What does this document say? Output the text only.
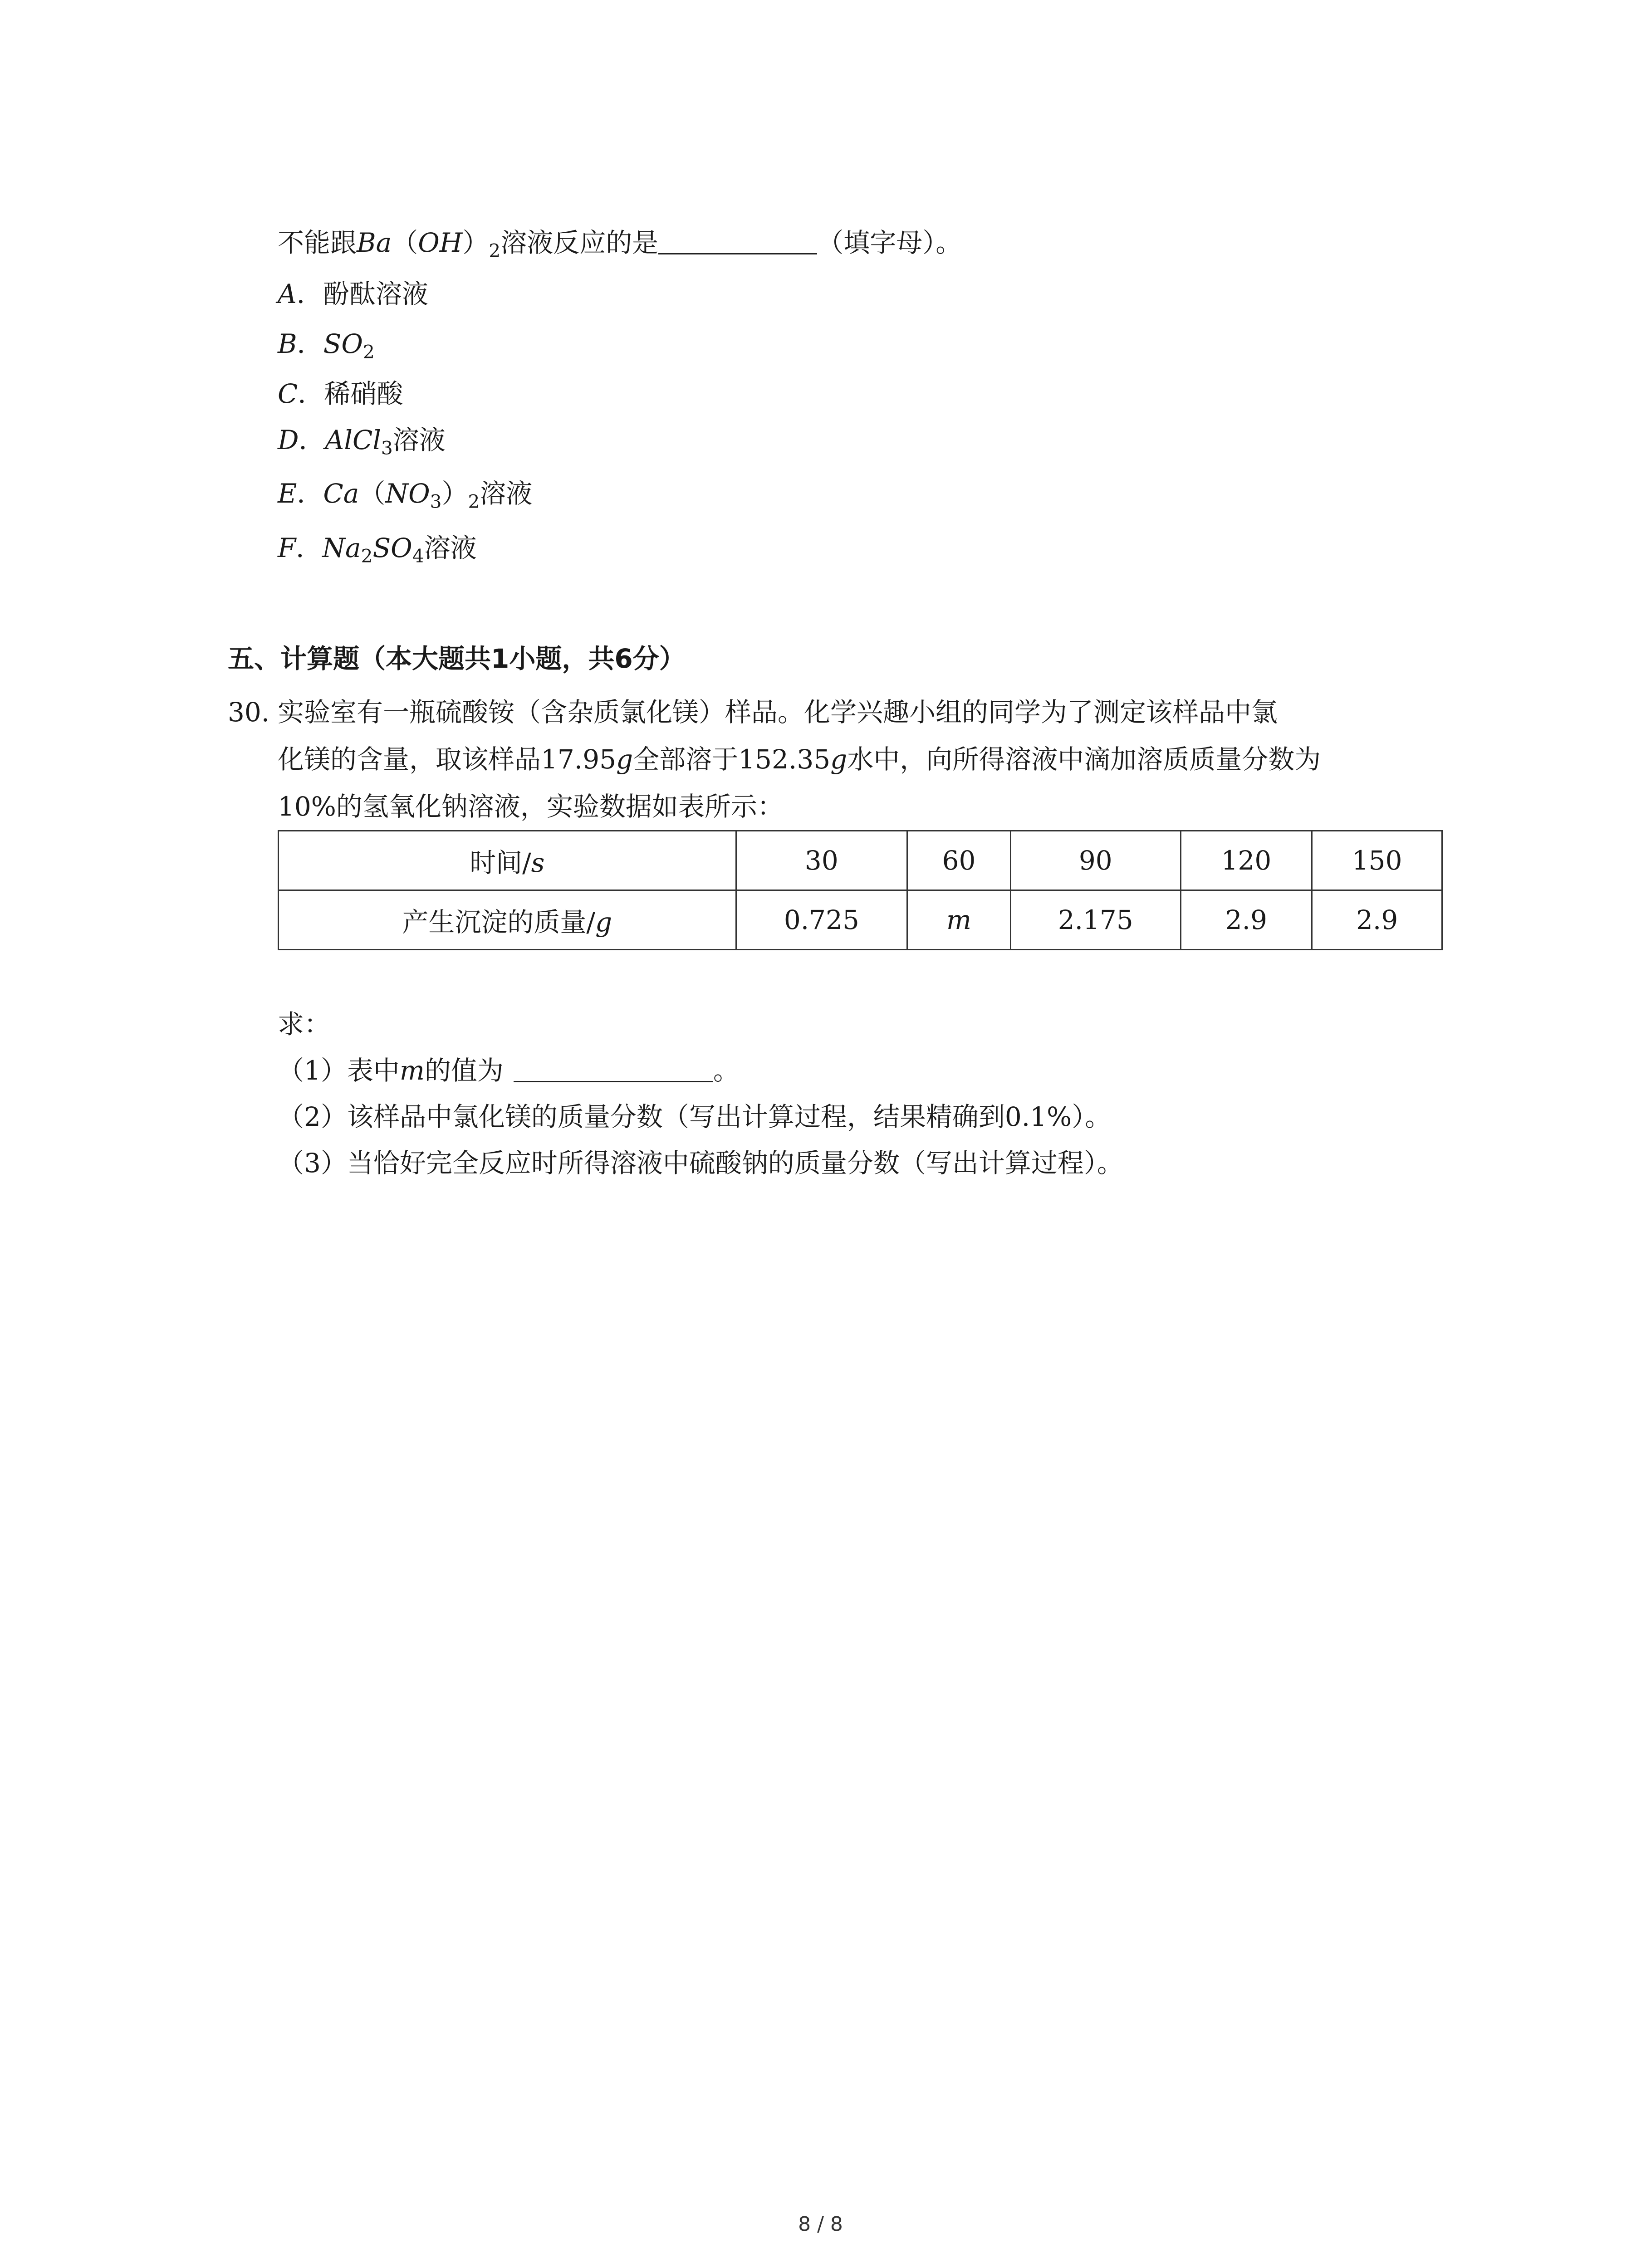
不能跟$Ba(OH)_2$溶液反应的是	（填字母）。
A．酚酞溶液
B．$SO_2$
C．稀硝酸
D．AlCl$_3$溶液
E．$Ca(NO_3)_2$溶液
F．$Na_2SO_4$溶液
五、计算题（本大题共1小题，共6分）
30. 实验室有一瓶硫酸铵（含杂质氯化镁）样品。化学兴趣小组的同学为了测定该样品中氯
化镁的含量，取该样品17.95g全部溶于152.35g水中，向所得溶液中滴加溶质质量分数为
10%的氢氧化钠溶液，实验数据如表所示：
时间/s	30	60	90	120	150
产生沉淀的质量/g	0.725	m	2.175	2.9	2.9
求：
（1）表中m的值为	。
（2）该样品中氯化镁的质量分数（写出计算过程，结果精确到0.1%）。
（3）当恰好完全反应时所得溶液中硫酸钠的质量分数（写出计算过程）。
8 / 8
